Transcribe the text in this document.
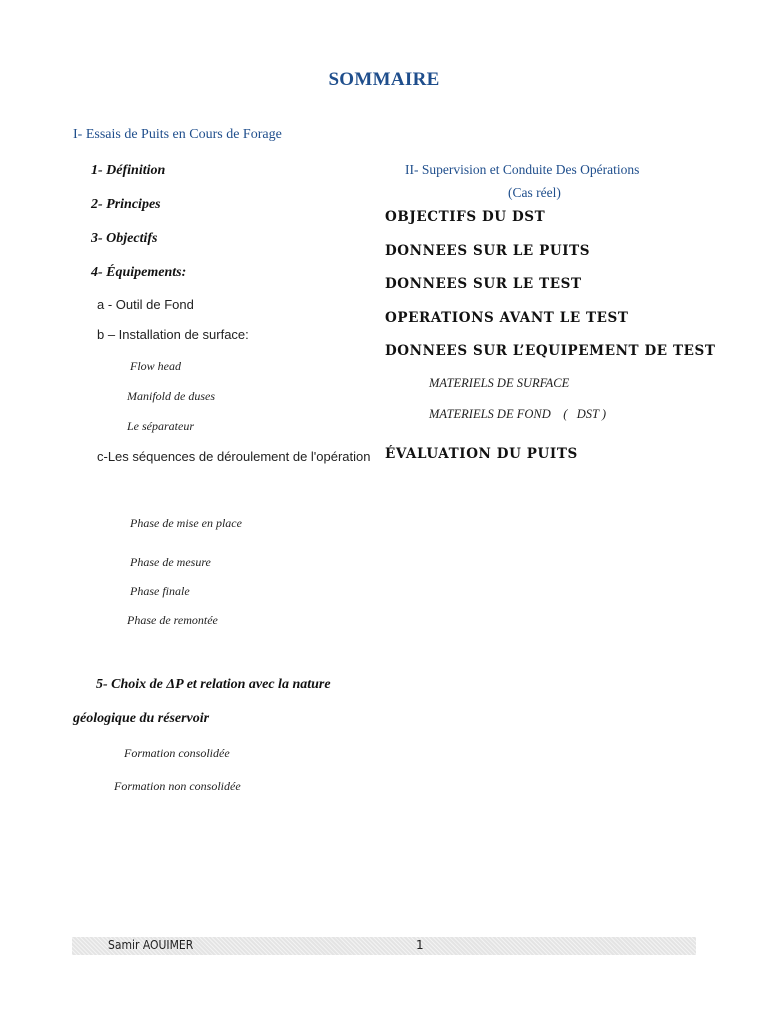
SOMMAIRE
I- Essais de Puits en Cours de Forage
1- Définition
2- Principes
3- Objectifs
4- Équipements:
a - Outil de Fond
b – Installation de surface:
Flow head
Manifold de duses
Le séparateur
c-Les séquences de déroulement de l'opération
Phase de mise en place
Phase de mesure
Phase finale
Phase de remontée
5- Choix de ΔP et relation avec la nature
géologique du réservoir
Formation consolidée
Formation non consolidée
II- Supervision et Conduite Des Opérations
(Cas réel)
OBJECTIFS DU DST
DONNEES SUR LE PUITS
DONNEES SUR LE TEST
OPERATIONS AVANT LE TEST
DONNEES SUR L’EQUIPEMENT DE TEST
MATERIELS DE SURFACE
MATERIELS DE FOND    (   DST )
ÉVALUATION DU PUITS
Samir AOUIMER	1
